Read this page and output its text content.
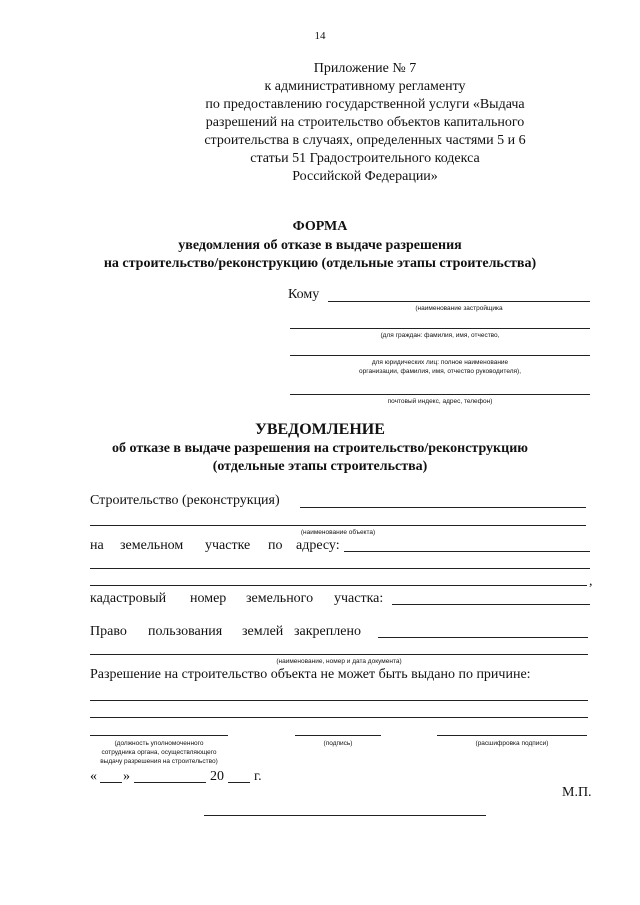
14
Приложение № 7
к административному регламенту
по предоставлению государственной услуги «Выдача
разрешений на строительство объектов капитального
строительства в случаях, определенных частями 5 и 6
статьи 51 Градостроительного кодекса
Российской Федерации»
ФОРМА
уведомления об отказе в выдаче разрешения
на строительство/реконструкцию (отдельные этапы строительства)
Кому
(наименование застройщика
(для граждан: фамилия, имя, отчество,
для юридических лиц: полное наименование
организации, фамилия, имя, отчество руководителя),
почтовый индекс, адрес, телефон)
УВЕДОМЛЕНИЕ
об отказе в выдаче разрешения на строительство/реконструкцию
(отдельные этапы строительства)
Строительство (реконструкция)
(наименование объекта)
на земельном участке по адресу:
,
кадастровый номер земельного участка:
Право пользования землей закреплено
(наименование, номер и дата документа)
Разрешение на строительство объекта не может быть выдано по причине:
(должность уполномоченного
сотрудника органа, осуществляющего
выдачу разрешения на строительство)
(подпись)	(расшифровка подписи)
« »	20 г.
М.П.
